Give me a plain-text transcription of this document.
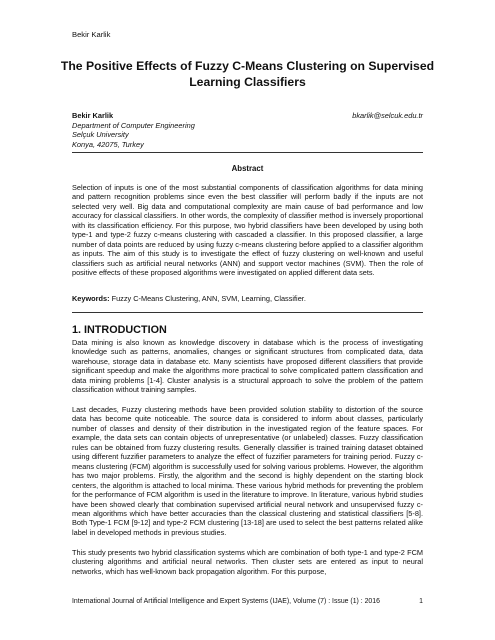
Bekir Karlik
The Positive Effects of Fuzzy C-Means Clustering on Supervised Learning Classifiers
Bekir Karlik	bkarlik@selcuk.edu.tr
Department of Computer Engineering
Selçuk University
Konya, 42075, Turkey
Abstract
Selection of inputs is one of the most substantial components of classification algorithms for data mining and pattern recognition problems since even the best classifier will perform badly if the inputs are not selected very well. Big data and computational complexity are main cause of bad performance and low accuracy for classical classifiers. In other words, the complexity of classifier method is inversely proportional with its classification efficiency. For this purpose, two hybrid classifiers have been developed by using both type-1 and type-2 fuzzy c-means clustering with cascaded a classifier. In this proposed classifier, a large number of data points are reduced by using fuzzy c-means clustering before applied to a classifier algorithm as inputs. The aim of this study is to investigate the effect of fuzzy clustering on well-known and useful classifiers such as artificial neural networks (ANN) and support vector machines (SVM). Then the role of positive effects of these proposed algorithms were investigated on applied different data sets.
Keywords: Fuzzy C-Means Clustering, ANN, SVM, Learning, Classifier.
1. INTRODUCTION
Data mining is also known as knowledge discovery in database which is the process of investigating knowledge such as patterns, anomalies, changes or significant structures from complicated data, data warehouse, storage data in database etc. Many scientists have proposed different classifiers that provide significant speedup and make the algorithms more practical to solve complicated pattern classification and data mining problems [1-4]. Cluster analysis is a structural approach to solve the problem of the pattern classification without training samples.
Last decades, Fuzzy clustering methods have been provided solution stability to distortion of the source data has become quite noticeable. The source data is considered to inform about classes, particularly number of classes and density of their distribution in the investigated region of the feature spaces. For example, the data sets can contain objects of unrepresentative (or unlabeled) classes. Fuzzy classification rules can be obtained from fuzzy clustering results. Generally classifier is trained training dataset obtained using different fuzzifier parameters to analyze the effect of fuzzifier parameters for training period. Fuzzy c-means clustering (FCM) algorithm is successfully used for solving various problems. However, the algorithm has two major problems. Firstly, the algorithm and the second is highly dependent on the starting block centers, the algorithm is attached to local minima. These various hybrid methods for preventing the problem for the performance of FCM algorithm is used in the literature to improve. In literature, various hybrid studies have been showed clearly that combination supervised artificial neural network and unsupervised fuzzy c-mean algorithms which have better accuracies than the classical clustering and statistical classifiers [5-8]. Both Type-1 FCM [9-12] and type-2 FCM clustering [13-18] are used to select the best patterns related alike label in developed methods in previous studies.
This study presents two hybrid classification systems which are combination of both type-1 and type-2 FCM clustering algorithms and artificial neural networks. Then cluster sets are entered as input to neural networks, which has well-known back propagation algorithm. For this purpose,
International Journal of Artificial Intelligence and Expert Systems (IJAE), Volume (7) : Issue (1) : 2016	1
